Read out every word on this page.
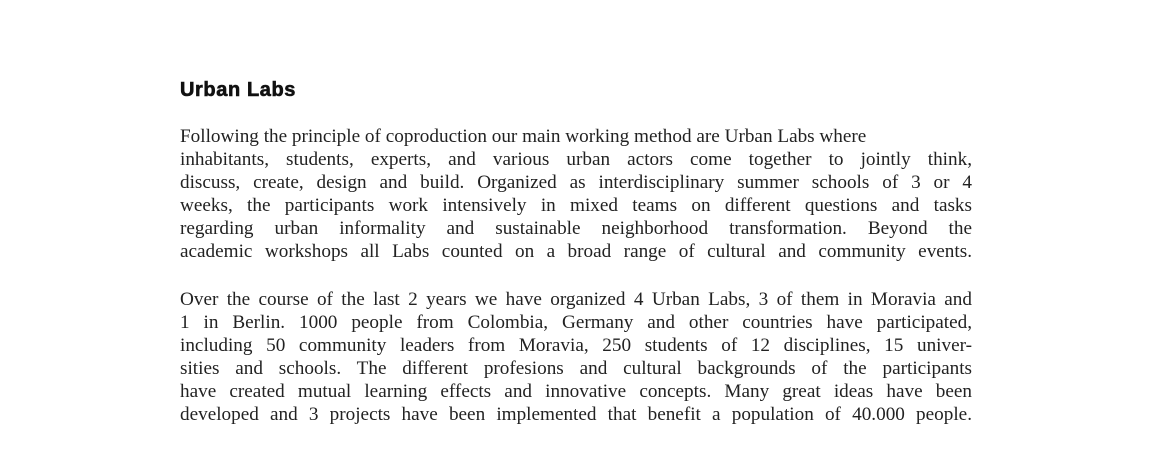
Urban Labs

Following the principle of coproduction our main working method are Urban Labs where
inhabitants, students, experts, and various urban actors come together to jointly think,
discuss, create, design and build. Organized as interdisciplinary summer schools of 3 or 4
weeks, the participants work intensively in mixed teams on different questions and tasks
regarding urban informality and sustainable neighborhood transformation. Beyond the
academic workshops all Labs counted on a broad range of cultural and community events.

Over the course of the last 2 years we have organized 4 Urban Labs, 3 of them in Moravia and
1 in Berlin. 1000 people from Colombia, Germany and other countries have participated,
including 50 community leaders from Moravia, 250 students of 12 disciplines, 15 univer-
sities and schools. The different profesions and cultural backgrounds of the participants
have created mutual learning effects and innovative concepts. Many great ideas have been
developed and 3 projects have been implemented that benefit a population of 40.000 people.
